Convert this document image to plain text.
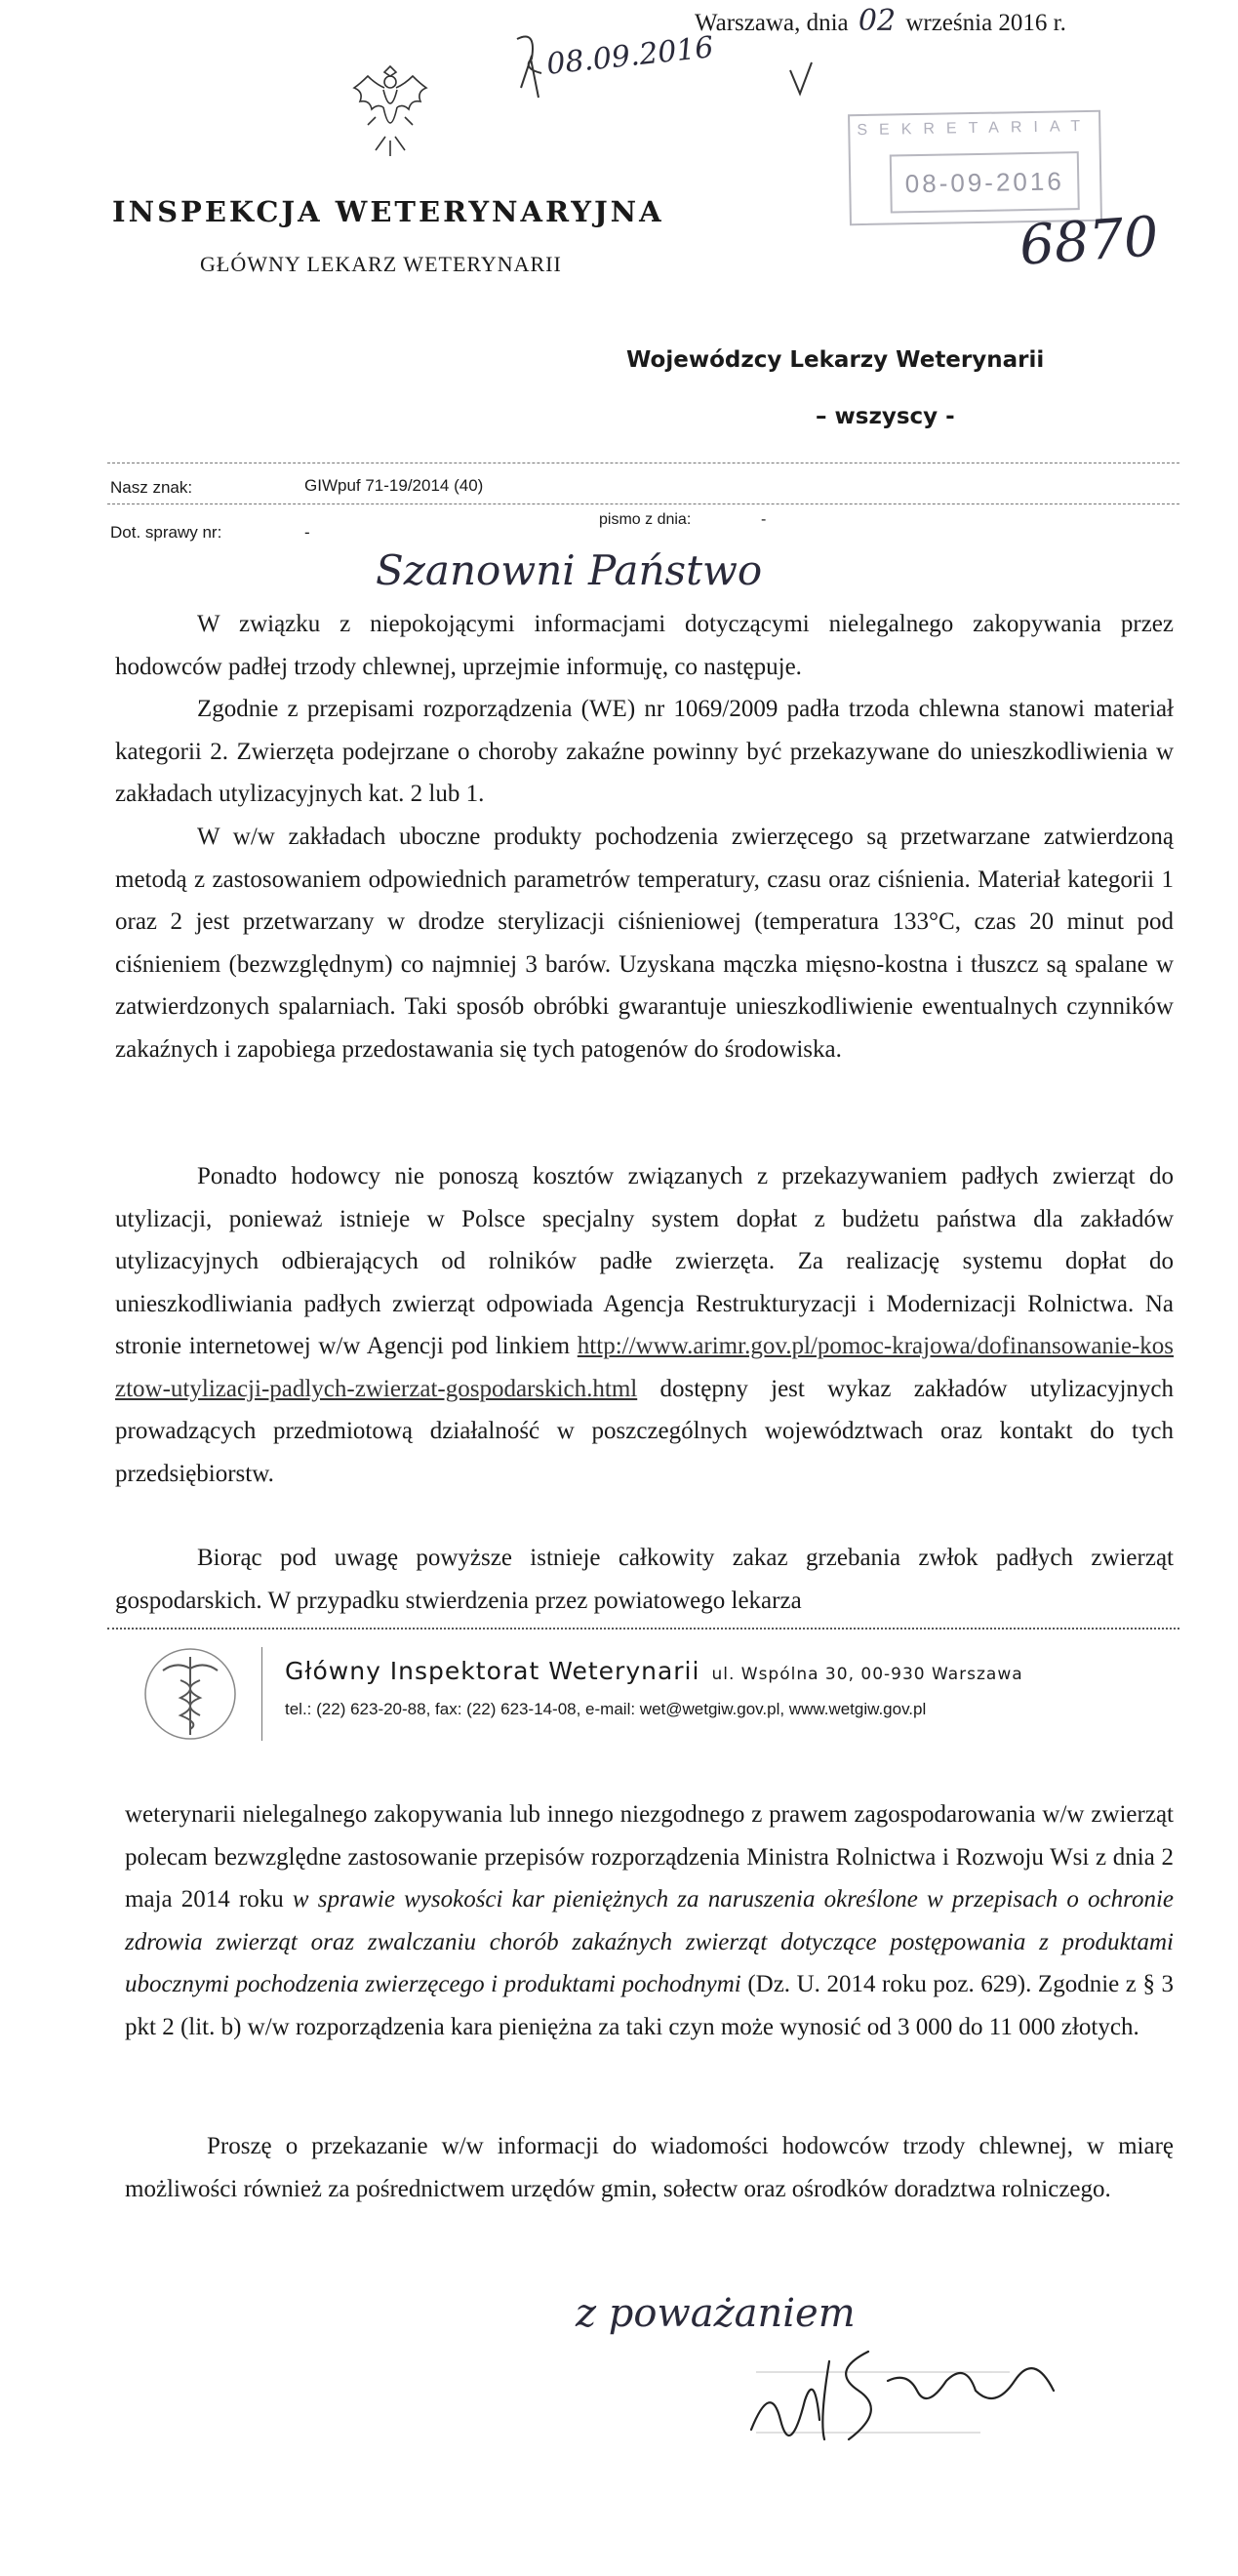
Warszawa, dnia 02 września 2016 r.
08.09.2016
SEKRETARIAT
08-09-2016
6870
INSPEKCJA WETERYNARYJNA
GŁÓWNY LEKARZ WETERYNARII
Wojewódzcy Lekarzy Weterynarii
– wszyscy -
Nasz znak:	GIWpuf 71-19/2014 (40)
pismo z dnia:	-
Dot. sprawy nr:	-
Szanowni Państwo
W związku z niepokojącymi informacjami dotyczącymi nielegalnego zakopywania przez hodowców padłej trzody chlewnej, uprzejmie informuję, co następuje.
Zgodnie z przepisami rozporządzenia (WE) nr 1069/2009 padła trzoda chlewna stanowi materiał kategorii 2. Zwierzęta podejrzane o choroby zakaźne powinny być przekazywane do unieszkodliwienia w zakładach utylizacyjnych kat. 2 lub 1.
W w/w zakładach uboczne produkty pochodzenia zwierzęcego są przetwarzane zatwierdzoną metodą z zastosowaniem odpowiednich parametrów temperatury, czasu oraz ciśnienia. Materiał kategorii 1 oraz 2 jest przetwarzany w drodze sterylizacji ciśnieniowej (temperatura 133°C, czas 20 minut pod ciśnieniem (bezwzględnym) co najmniej 3 barów. Uzyskana mączka mięsno-kostna i tłuszcz są spalane w zatwierdzonych spalarniach. Taki sposób obróbki gwarantuje unieszkodliwienie ewentualnych czynników zakaźnych i zapobiega przedostawania się tych patogenów do środowiska.
Ponadto hodowcy nie ponoszą kosztów związanych z przekazywaniem padłych zwierząt do utylizacji, ponieważ istnieje w Polsce specjalny system dopłat z budżetu państwa dla zakładów utylizacyjnych odbierających od rolników padłe zwierzęta. Za realizację systemu dopłat do unieszkodliwiania padłych zwierząt odpowiada Agencja Restrukturyzacji i Modernizacji Rolnictwa. Na stronie internetowej w/w Agencji pod linkiem http://www.arimr.gov.pl/pomoc-krajowa/dofinansowanie-kosztow-utylizacji-padlych-zwierzat-gospodarskich.html dostępny jest wykaz zakładów utylizacyjnych prowadzących przedmiotową działalność w poszczególnych województwach oraz kontakt do tych przedsiębiorstw.
Biorąc pod uwagę powyższe istnieje całkowity zakaz grzebania zwłok padłych zwierząt gospodarskich. W przypadku stwierdzenia przez powiatowego lekarza
Główny Inspektorat Weterynarii ul. Wspólna 30, 00-930 Warszawa
tel.: (22) 623-20-88, fax: (22) 623-14-08, e-mail: wet@wetgiw.gov.pl, www.wetgiw.gov.pl
weterynarii nielegalnego zakopywania lub innego niezgodnego z prawem zagospodarowania w/w zwierząt polecam bezwzględne zastosowanie przepisów rozporządzenia Ministra Rolnictwa i Rozwoju Wsi z dnia 2 maja 2014 roku w sprawie wysokości kar pieniężnych za naruszenia określone w przepisach o ochronie zdrowia zwierząt oraz zwalczaniu chorób zakaźnych zwierząt dotyczące postępowania z produktami ubocznymi pochodzenia zwierzęcego i produktami pochodnymi (Dz. U. 2014 roku poz. 629). Zgodnie z § 3 pkt 2 (lit. b) w/w rozporządzenia kara pieniężna za taki czyn może wynosić od 3 000 do 11 000 złotych.
Proszę o przekazanie w/w informacji do wiadomości hodowców trzody chlewnej, w miarę możliwości również za pośrednictwem urzędów gmin, sołectw oraz ośrodków doradztwa rolniczego.
z poważaniem
